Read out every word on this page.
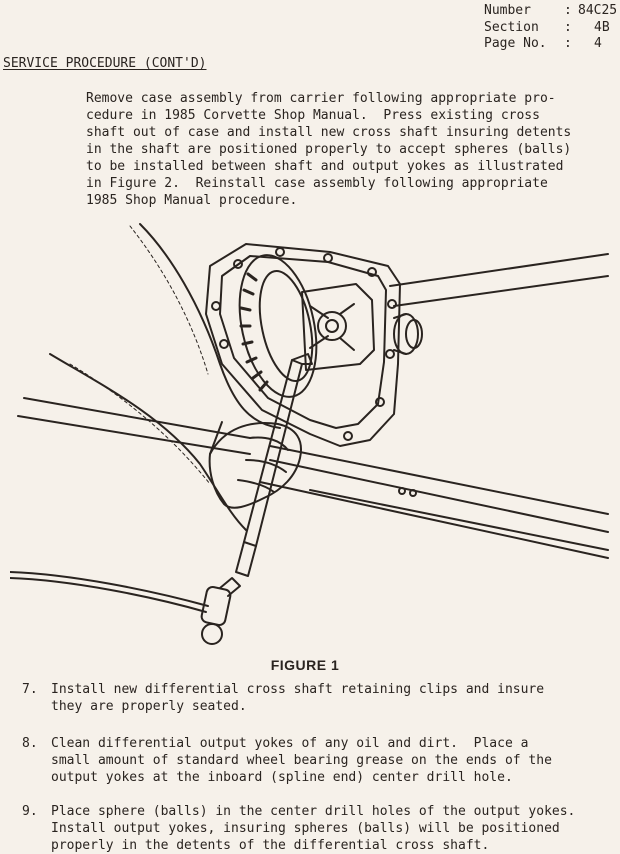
Number	: 84C25
Section	:	4B
Page No.	:	4
SERVICE PROCEDURE (CONT'D)
Remove case assembly from carrier following appropriate pro-
cedure in 1985 Corvette Shop Manual.  Press existing cross
shaft out of case and install new cross shaft insuring detents
in the shaft are positioned properly to accept spheres (balls)
to be installed between shaft and output yokes as illustrated
in Figure 2.  Reinstall case assembly following appropriate
1985 Shop Manual procedure.
FIGURE 1
7. Install new differential cross shaft retaining clips and insure
they are properly seated.
8. Clean differential output yokes of any oil and dirt.  Place a
small amount of standard wheel bearing grease on the ends of the
output yokes at the inboard (spline end) center drill hole.
9. Place sphere (balls) in the center drill holes of the output yokes.
Install output yokes, insuring spheres (balls) will be positioned
properly in the detents of the differential cross shaft.
